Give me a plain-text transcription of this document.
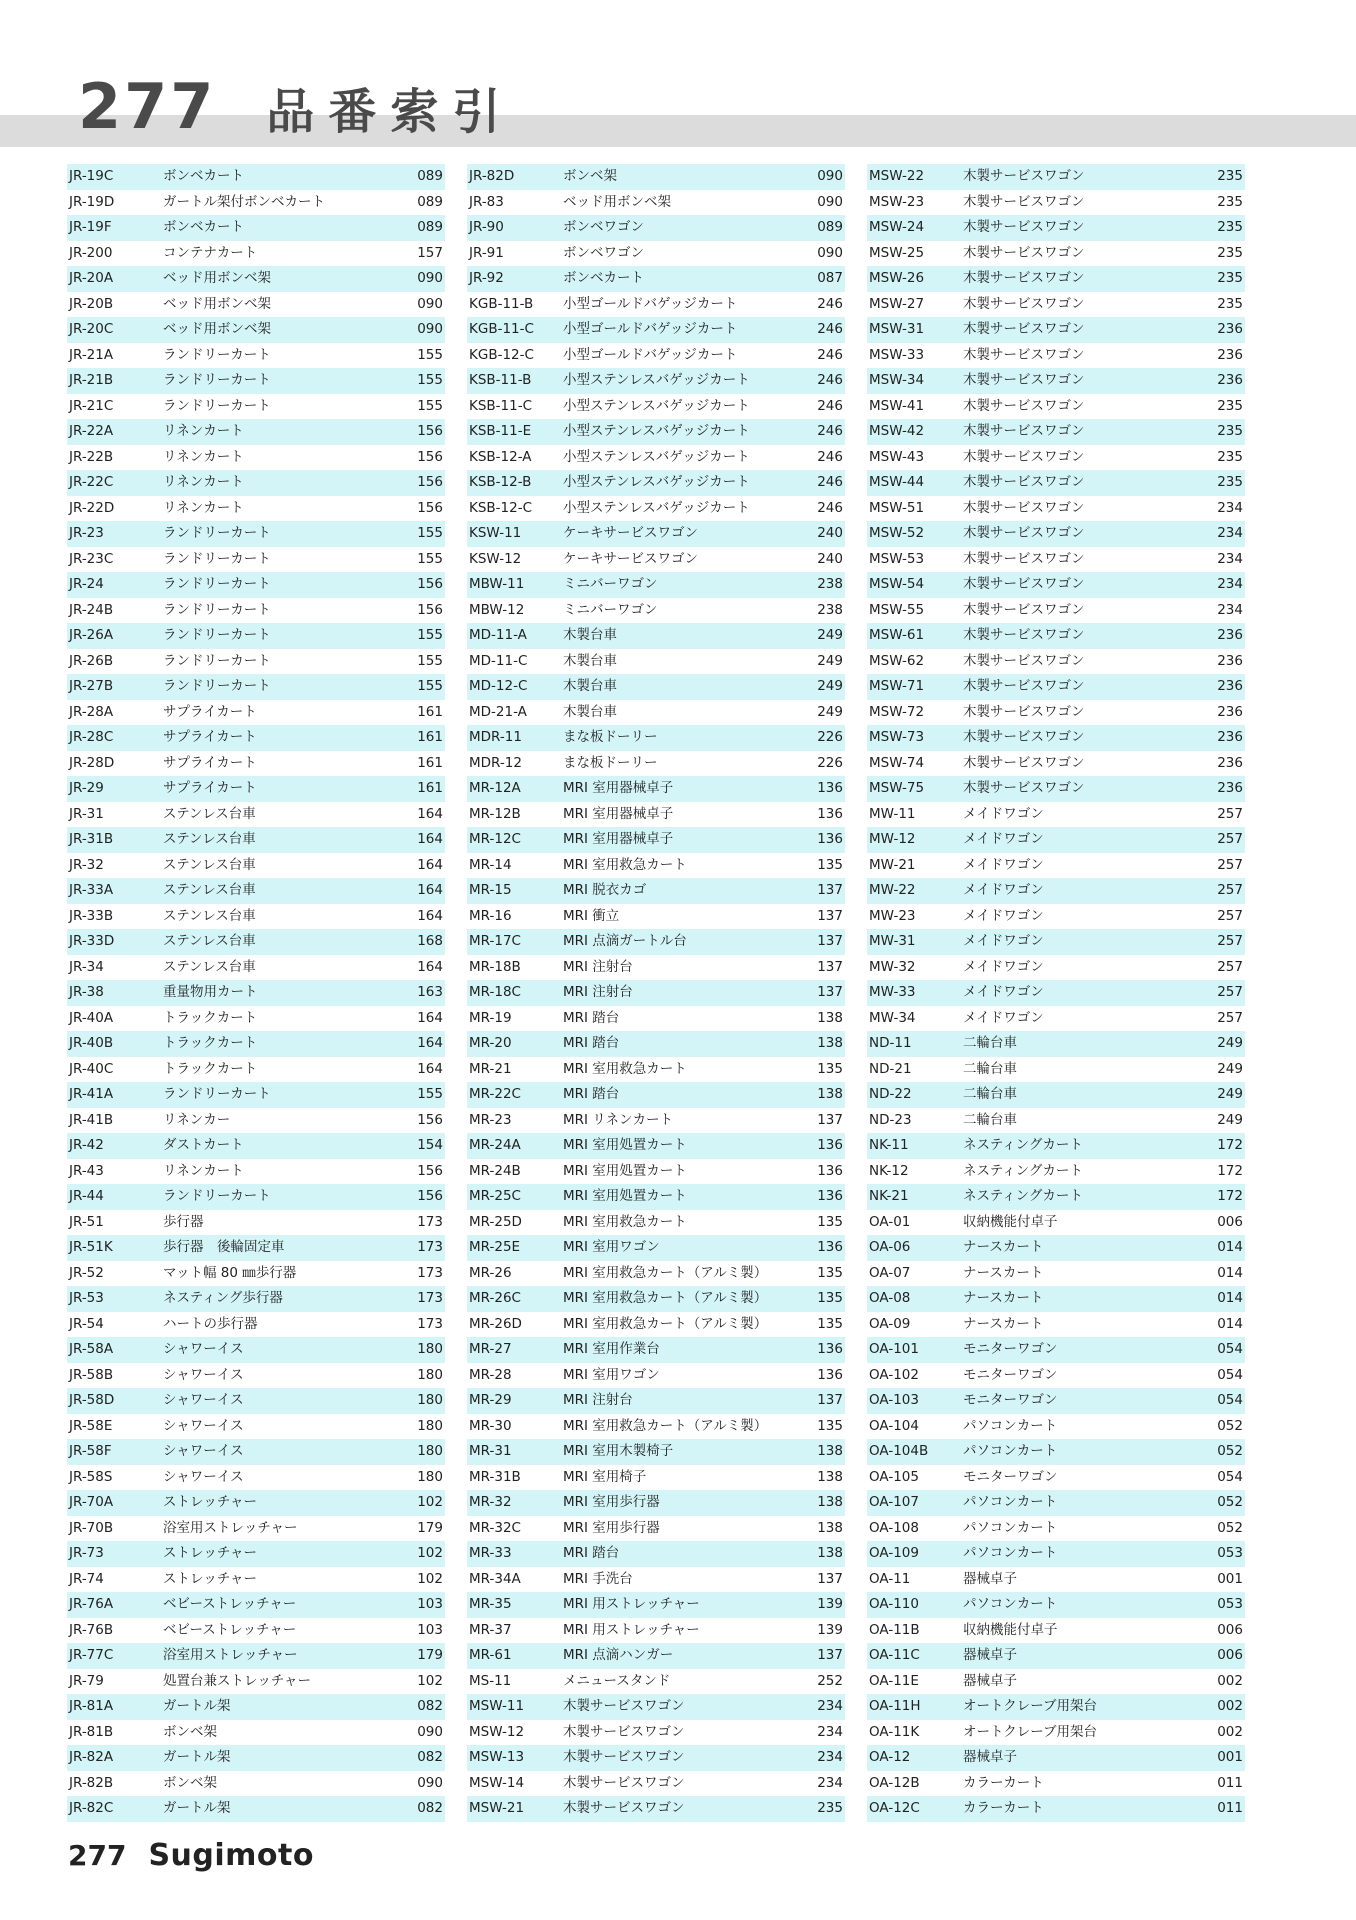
277 品番索引
JR-19C	ボンベカート	089
JR-19D	ガートル架付ボンベカート	089
JR-19F	ボンベカート	089
JR-200	コンテナカート	157
JR-20A	ベッド用ボンベ架	090
JR-20B	ベッド用ボンベ架	090
JR-20C	ベッド用ボンベ架	090
JR-21A	ランドリーカート	155
JR-21B	ランドリーカート	155
JR-21C	ランドリーカート	155
JR-22A	リネンカート	156
JR-22B	リネンカート	156
JR-22C	リネンカート	156
JR-22D	リネンカート	156
JR-23	ランドリーカート	155
JR-23C	ランドリーカート	155
JR-24	ランドリーカート	156
JR-24B	ランドリーカート	156
JR-26A	ランドリーカート	155
JR-26B	ランドリーカート	155
JR-27B	ランドリーカート	155
JR-28A	サプライカート	161
JR-28C	サプライカート	161
JR-28D	サプライカート	161
JR-29	サプライカート	161
JR-31	ステンレス台車	164
JR-31B	ステンレス台車	164
JR-32	ステンレス台車	164
JR-33A	ステンレス台車	164
JR-33B	ステンレス台車	164
JR-33D	ステンレス台車	168
JR-34	ステンレス台車	164
JR-38	重量物用カート	163
JR-40A	トラックカート	164
JR-40B	トラックカート	164
JR-40C	トラックカート	164
JR-41A	ランドリーカート	155
JR-41B	リネンカー	156
JR-42	ダストカート	154
JR-43	リネンカート	156
JR-44	ランドリーカート	156
JR-51	歩行器	173
JR-51K	歩行器　後輪固定車	173
JR-52	マット幅 80 ㎜歩行器	173
JR-53	ネスティング歩行器	173
JR-54	ハートの歩行器	173
JR-58A	シャワーイス	180
JR-58B	シャワーイス	180
JR-58D	シャワーイス	180
JR-58E	シャワーイス	180
JR-58F	シャワーイス	180
JR-58S	シャワーイス	180
JR-70A	ストレッチャー	102
JR-70B	浴室用ストレッチャー	179
JR-73	ストレッチャー	102
JR-74	ストレッチャー	102
JR-76A	ベビーストレッチャー	103
JR-76B	ベビーストレッチャー	103
JR-77C	浴室用ストレッチャー	179
JR-79	処置台兼ストレッチャー	102
JR-81A	ガートル架	082
JR-81B	ボンベ架	090
JR-82A	ガートル架	082
JR-82B	ボンベ架	090
JR-82C	ガートル架	082
JR-82D	ボンベ架	090
JR-83	ベッド用ボンベ架	090
JR-90	ボンベワゴン	089
JR-91	ボンベワゴン	090
JR-92	ボンベカート	087
KGB-11-B	小型ゴールドバゲッジカート	246
KGB-11-C	小型ゴールドバゲッジカート	246
KGB-12-C	小型ゴールドバゲッジカート	246
KSB-11-B	小型ステンレスバゲッジカート	246
KSB-11-C	小型ステンレスバゲッジカート	246
KSB-11-E	小型ステンレスバゲッジカート	246
KSB-12-A	小型ステンレスバゲッジカート	246
KSB-12-B	小型ステンレスバゲッジカート	246
KSB-12-C	小型ステンレスバゲッジカート	246
KSW-11	ケーキサービスワゴン	240
KSW-12	ケーキサービスワゴン	240
MBW-11	ミニバーワゴン	238
MBW-12	ミニバーワゴン	238
MD-11-A	木製台車	249
MD-11-C	木製台車	249
MD-12-C	木製台車	249
MD-21-A	木製台車	249
MDR-11	まな板ドーリー	226
MDR-12	まな板ドーリー	226
MR-12A	MRI 室用器械卓子	136
MR-12B	MRI 室用器械卓子	136
MR-12C	MRI 室用器械卓子	136
MR-14	MRI 室用救急カート	135
MR-15	MRI 脱衣カゴ	137
MR-16	MRI 衝立	137
MR-17C	MRI 点滴ガートル台	137
MR-18B	MRI 注射台	137
MR-18C	MRI 注射台	137
MR-19	MRI 踏台	138
MR-20	MRI 踏台	138
MR-21	MRI 室用救急カート	135
MR-22C	MRI 踏台	138
MR-23	MRI リネンカート	137
MR-24A	MRI 室用処置カート	136
MR-24B	MRI 室用処置カート	136
MR-25C	MRI 室用処置カート	136
MR-25D	MRI 室用救急カート	135
MR-25E	MRI 室用ワゴン	136
MR-26	MRI 室用救急カート（アルミ製）	135
MR-26C	MRI 室用救急カート（アルミ製）	135
MR-26D	MRI 室用救急カート（アルミ製）	135
MR-27	MRI 室用作業台	136
MR-28	MRI 室用ワゴン	136
MR-29	MRI 注射台	137
MR-30	MRI 室用救急カート（アルミ製）	135
MR-31	MRI 室用木製椅子	138
MR-31B	MRI 室用椅子	138
MR-32	MRI 室用歩行器	138
MR-32C	MRI 室用歩行器	138
MR-33	MRI 踏台	138
MR-34A	MRI 手洗台	137
MR-35	MRI 用ストレッチャー	139
MR-37	MRI 用ストレッチャー	139
MR-61	MRI 点滴ハンガー	137
MS-11	メニュースタンド	252
MSW-11	木製サービスワゴン	234
MSW-12	木製サービスワゴン	234
MSW-13	木製サービスワゴン	234
MSW-14	木製サービスワゴン	234
MSW-21	木製サービスワゴン	235
MSW-22	木製サービスワゴン	235
MSW-23	木製サービスワゴン	235
MSW-24	木製サービスワゴン	235
MSW-25	木製サービスワゴン	235
MSW-26	木製サービスワゴン	235
MSW-27	木製サービスワゴン	235
MSW-31	木製サービスワゴン	236
MSW-33	木製サービスワゴン	236
MSW-34	木製サービスワゴン	236
MSW-41	木製サービスワゴン	235
MSW-42	木製サービスワゴン	235
MSW-43	木製サービスワゴン	235
MSW-44	木製サービスワゴン	235
MSW-51	木製サービスワゴン	234
MSW-52	木製サービスワゴン	234
MSW-53	木製サービスワゴン	234
MSW-54	木製サービスワゴン	234
MSW-55	木製サービスワゴン	234
MSW-61	木製サービスワゴン	236
MSW-62	木製サービスワゴン	236
MSW-71	木製サービスワゴン	236
MSW-72	木製サービスワゴン	236
MSW-73	木製サービスワゴン	236
MSW-74	木製サービスワゴン	236
MSW-75	木製サービスワゴン	236
MW-11	メイドワゴン	257
MW-12	メイドワゴン	257
MW-21	メイドワゴン	257
MW-22	メイドワゴン	257
MW-23	メイドワゴン	257
MW-31	メイドワゴン	257
MW-32	メイドワゴン	257
MW-33	メイドワゴン	257
MW-34	メイドワゴン	257
ND-11	二輪台車	249
ND-21	二輪台車	249
ND-22	二輪台車	249
ND-23	二輪台車	249
NK-11	ネスティングカート	172
NK-12	ネスティングカート	172
NK-21	ネスティングカート	172
OA-01	収納機能付卓子	006
OA-06	ナースカート	014
OA-07	ナースカート	014
OA-08	ナースカート	014
OA-09	ナースカート	014
OA-101	モニターワゴン	054
OA-102	モニターワゴン	054
OA-103	モニターワゴン	054
OA-104	パソコンカート	052
OA-104B	パソコンカート	052
OA-105	モニターワゴン	054
OA-107	パソコンカート	052
OA-108	パソコンカート	052
OA-109	パソコンカート	053
OA-11	器械卓子	001
OA-110	パソコンカート	053
OA-11B	収納機能付卓子	006
OA-11C	器械卓子	006
OA-11E	器械卓子	002
OA-11H	オートクレーブ用架台	002
OA-11K	オートクレーブ用架台	002
OA-12	器械卓子	001
OA-12B	カラーカート	011
OA-12C	カラーカート	011
277 Sugimoto
